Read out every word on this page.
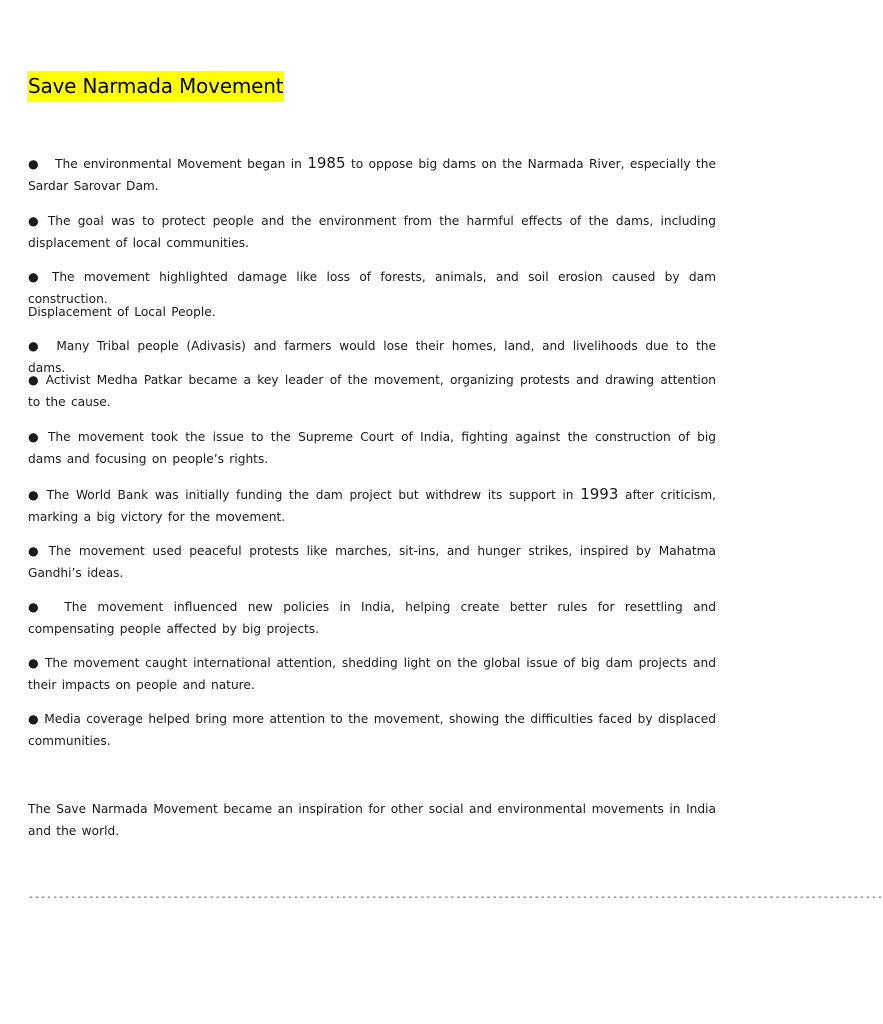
Save Narmada Movement

● The environmental Movement began in 1985 to oppose big dams on the Narmada River, especially the Sardar Sarovar Dam.

● The goal was to protect people and the environment from the harmful effects of the dams, including displacement of local communities.

● The movement highlighted damage like loss of forests, animals, and soil erosion caused by dam construction.

Displacement of Local People.

● Many Tribal people (Adivasis) and farmers would lose their homes, land, and livelihoods due to the dams.

● Activist Medha Patkar became a key leader of the movement, organizing protests and drawing attention to the cause.

● The movement took the issue to the Supreme Court of India, fighting against the construction of big dams and focusing on people’s rights.

● The World Bank was initially funding the dam project but withdrew its support in 1993 after criticism, marking a big victory for the movement.

● The movement used peaceful protests like marches, sit-ins, and hunger strikes, inspired by Mahatma Gandhi’s ideas.

● The movement influenced new policies in India, helping create better rules for resettling and compensating people affected by big projects.

● The movement caught international attention, shedding light on the global issue of big dam projects and their impacts on people and nature.

● Media coverage helped bring more attention to the movement, showing the difficulties faced by displaced communities.

The Save Narmada Movement became an inspiration for other social and environmental movements in India and the world.

----------------------------------------------------------------------------------------------------------------------------------------------
